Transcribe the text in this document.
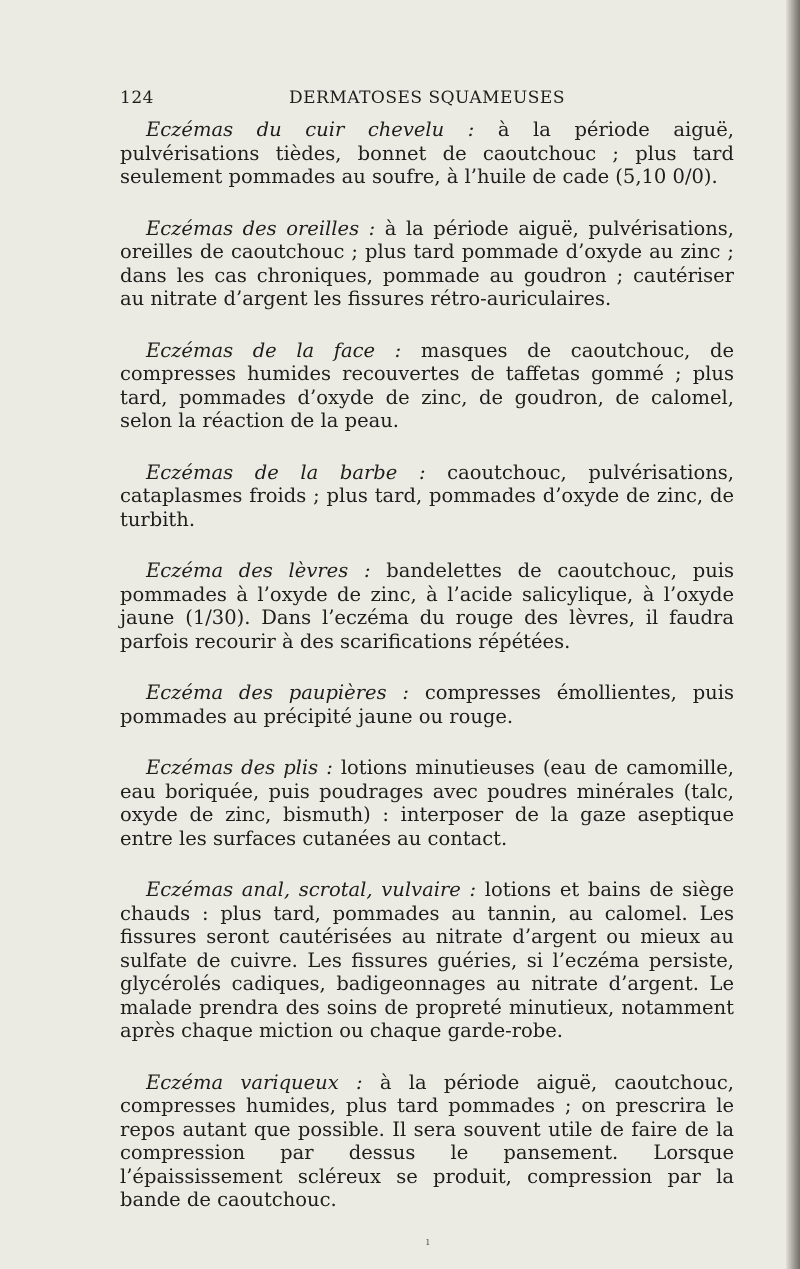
124	DERMATOSES SQUAMEUSES

Eczémas du cuir chevelu : à la période aiguë, pulvérisations tièdes, bonnet de caoutchouc ; plus tard seulement pommades au soufre, à l’huile de cade (5,10 0/0).

Eczémas des oreilles : à la période aiguë, pulvérisations, oreilles de caoutchouc ; plus tard pommade d’oxyde au zinc ; dans les cas chroniques, pommade au goudron ; cautériser au nitrate d’argent les fissures rétro-auriculaires.

Eczémas de la face : masques de caoutchouc, de compresses humides recouvertes de taffetas gommé ; plus tard, pommades d’oxyde de zinc, de goudron, de calomel, selon la réaction de la peau.

Eczémas de la barbe : caoutchouc, pulvérisations, cataplasmes froids ; plus tard, pommades d’oxyde de zinc, de turbith.

Eczéma des lèvres : bandelettes de caoutchouc, puis pommades à l’oxyde de zinc, à l’acide salicylique, à l’oxyde jaune (1/30). Dans l’eczéma du rouge des lèvres, il faudra parfois recourir à des scarifications répétées.

Eczéma des paupières : compresses émollientes, puis pommades au précipité jaune ou rouge.

Eczémas des plis : lotions minutieuses (eau de camomille, eau boriquée, puis poudrages avec poudres minérales (talc, oxyde de zinc, bismuth) : interposer de la gaze aseptique entre les surfaces cutanées au contact.

Eczémas anal, scrotal, vulvaire : lotions et bains de siège chauds : plus tard, pommades au tannin, au calomel. Les fissures seront cautérisées au nitrate d’argent ou mieux au sulfate de cuivre. Les fissures guéries, si l’eczéma persiste, glycérolés cadiques, badigeonnages au nitrate d’argent. Le malade prendra des soins de propreté minutieux, notamment après chaque miction ou chaque garde-robe.

Eczéma variqueux : à la période aiguë, caoutchouc, compresses humides, plus tard pommades ; on prescrira le repos autant que possible. Il sera souvent utile de faire de la compression par dessus le pansement. Lorsque l’épaississement scléreux se produit, compression par la bande de caoutchouc.

ı
